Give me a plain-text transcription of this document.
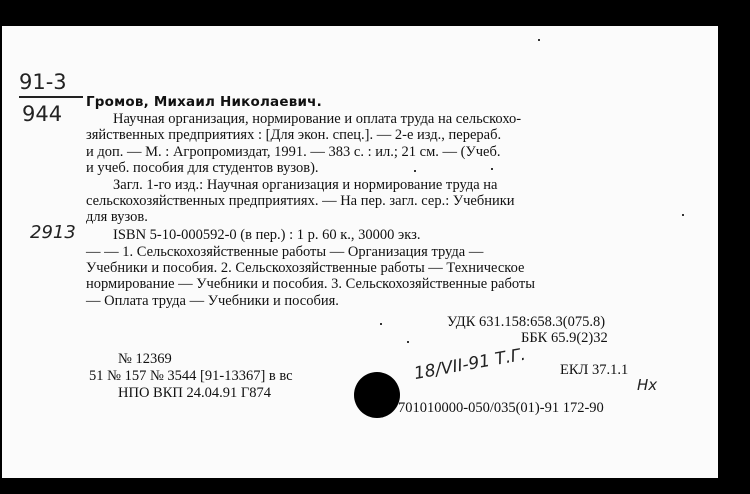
91-3
944 Громов, Михаил Николаевич.
Научная организация, нормирование и оплата труда на сельскохо-
зяйственных предприятиях : [Для экон. спец.]. — 2-е изд., перераб.
и доп. — М. : Агропромиздат, 1991. — 383 с. : ил.; 21 см. — (Учеб.
и учеб. пособия для студентов вузов).
Загл. 1-го изд.: Научная организация и нормирование труда на
сельскохозяйственных предприятиях. — На пер. загл. сер.: Учебники
для вузов.
2913	ISBN 5-10-000592-0 (в пер.) : 1 р. 60 к., 30000 экз.
— — 1. Сельскохозяйственные работы — Организация труда —
Учебники и пособия. 2. Сельскохозяйственные работы — Техническое
нормирование — Учебники и пособия. 3. Сельскохозяйственные работы
— Оплата труда — Учебники и пособия.
УДК 631.158:658.3(075.8)
ББК 65.9(2)32
№ 12369
51 № 157 № 3544 [91-13367] в вс
НПО ВКП 24.04.91 Г874
ЕКЛ 37.1.1
18/VII-91 Т.Г.
Нх
701010000-050/035(01)-91 172-90
